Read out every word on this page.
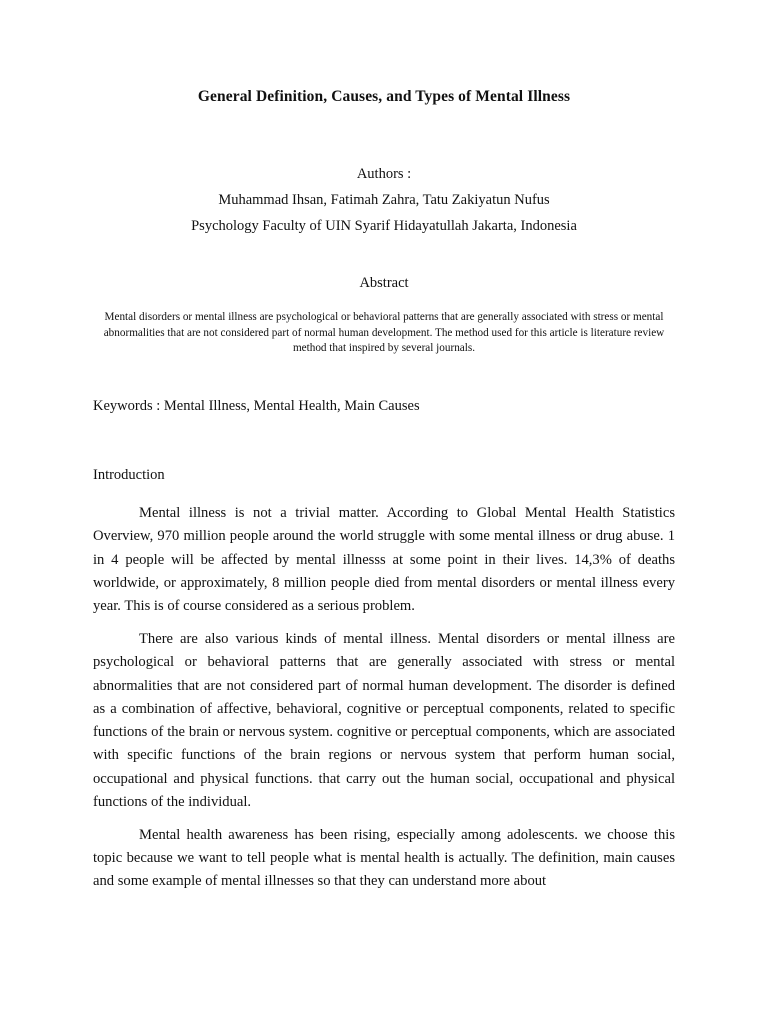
General Definition, Causes, and Types of Mental Illness
Authors :
Muhammad Ihsan, Fatimah Zahra, Tatu Zakiyatun Nufus
Psychology Faculty of UIN Syarif Hidayatullah Jakarta, Indonesia
Abstract
Mental disorders or mental illness are psychological or behavioral patterns that are generally associated with stress or mental abnormalities that are not considered part of normal human development. The method used for this article is literature review method that inspired by several journals.
Keywords : Mental Illness, Mental Health, Main Causes
Introduction

Mental illness is not a trivial matter. According to Global Mental Health Statistics Overview, 970 million people around the world struggle with some mental illness or drug abuse. 1 in 4 people will be affected by mental illnesss at some point in their lives. 14,3% of deaths worldwide, or approximately, 8 million people died from mental disorders or mental illness every year. This is of course considered as a serious problem.

There are also various kinds of mental illness. Mental disorders or mental illness are psychological or behavioral patterns that are generally associated with stress or mental abnormalities that are not considered part of normal human development. The disorder is defined as a combination of affective, behavioral, cognitive or perceptual components, related to specific functions of the brain or nervous system. cognitive or perceptual components, which are associated with specific functions of the brain regions or nervous system that perform human social, occupational and physical functions. that carry out the human social, occupational and physical functions of the individual.

Mental health awareness has been rising, especially among adolescents. we choose this topic because we want to tell people what is mental health is actually. The definition, main causes and some example of mental illnesses so that they can understand more about
